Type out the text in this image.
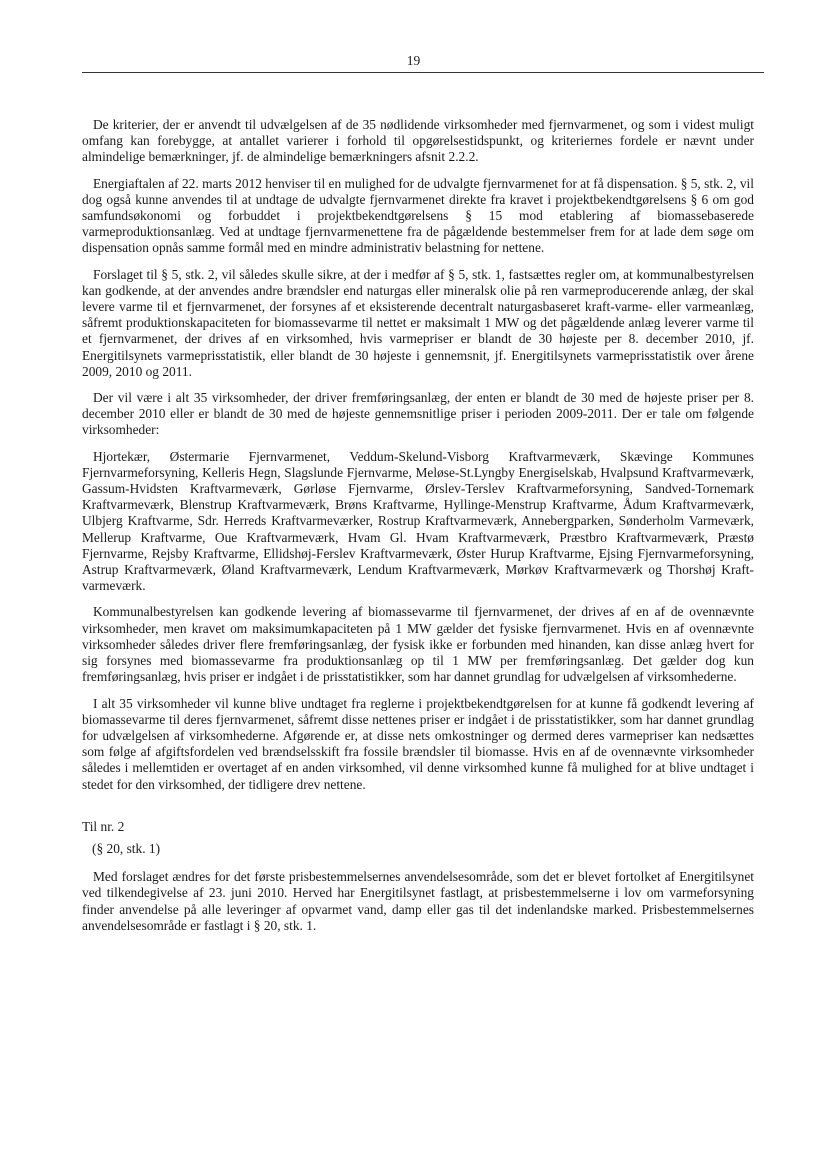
19

De kriterier, der er anvendt til udvælgelsen af de 35 nødlidende virksomheder med fjernvarmenet, og som i videst muligt omfang kan forebygge, at antallet varierer i forhold til opgørelsestidspunkt, og kriteriernes fordele er nævnt under almindelige bemærkninger, jf. de almindelige bemærkningers afsnit 2.2.2.

Energiaftalen af 22. marts 2012 henviser til en mulighed for de udvalgte fjernvarmenet for at få dispensation. § 5, stk. 2, vil dog også kunne anvendes til at undtage de udvalgte fjernvarmenet direkte fra kravet i projektbekendtgørelsens § 6 om god samfundsøkonomi og forbuddet i projektbekendtgørelsens § 15 mod etablering af biomassebaserede varmeproduktionsanlæg. Ved at undtage fjernvarmenettene fra de pågældende bestemmelser frem for at lade dem søge om dispensation opnås samme formål med en mindre administrativ belastning for nettene.

Forslaget til § 5, stk. 2, vil således skulle sikre, at der i medfør af § 5, stk. 1, fastsættes regler om, at kommunalbestyrelsen kan godkende, at der anvendes andre brændsler end naturgas eller mineralsk olie på ren varmeproducerende anlæg, der skal levere varme til et fjernvarmenet, der forsynes af et eksisterende decentralt naturgasbaseret kraft-varme- eller varmeanlæg, såfremt produktionskapaciteten for biomassevarme til nettet er maksimalt 1 MW og det pågældende anlæg leverer varme til et fjernvarmenet, der drives af en virksomhed, hvis varmepriser er blandt de 30 højeste per 8. december 2010, jf. Energitilsynets varmeprisstatistik, eller blandt de 30 højeste i gennemsnit, jf. Energitilsynets varmeprisstatistik over årene 2009, 2010 og 2011.

Der vil være i alt 35 virksomheder, der driver fremføringsanlæg, der enten er blandt de 30 med de højeste priser per 8. december 2010 eller er blandt de 30 med de højeste gennemsnitlige priser i perioden 2009-2011. Der er tale om følgende virksomheder:

Hjortekær, Østermarie Fjernvarmenet, Veddum-Skelund-Visborg Kraftvarmeværk, Skævinge Kommunes Fjernvarmeforsyning, Kelleris Hegn, Slagslunde Fjernvarme, Meløse-St.Lyngby Energiselskab, Hvalpsund Kraftvarmeværk, Gassum-Hvidsten Kraftvarmeværk, Gørløse Fjernvarme, Ørslev-Terslev Kraftvarmeforsyning, Sandved-Tornemark Kraftvarmeværk, Blenstrup Kraftvarmeværk, Brøns Kraftvarme, Hyllinge-Menstrup Kraftvarme, Ådum Kraftvarmeværk, Ulbjerg Kraftvarme, Sdr. Herreds Kraftvarmeværker, Rostrup Kraftvarmeværk, Annebergparken, Sønderholm Varmeværk, Mellerup Kraftvarme, Oue Kraftvarmeværk, Hvam Gl. Hvam Kraftvarmeværk, Præstbro Kraftvarmeværk, Præstø Fjernvarme, Rejsby Kraftvarme, Ellidshøj-Ferslev Kraftvarmeværk, Øster Hurup Kraftvarme, Ejsing Fjernvarmeforsyning, Astrup Kraftvarmeværk, Øland Kraftvarmeværk, Lendum Kraftvarmeværk, Mørkøv Kraftvarmeværk og Thorshøj Kraftvarmeværk.

Kommunalbestyrelsen kan godkende levering af biomassevarme til fjernvarmenet, der drives af en af de ovennævnte virksomheder, men kravet om maksimumkapaciteten på 1 MW gælder det fysiske fjernvarmenet. Hvis en af ovennævnte virksomheder således driver flere fremføringsanlæg, der fysisk ikke er forbunden med hinanden, kan disse anlæg hvert for sig forsynes med biomassevarme fra produktionsanlæg op til 1 MW per fremføringsanlæg. Det gælder dog kun fremføringsanlæg, hvis priser er indgået i de prisstatistikker, som har dannet grundlag for udvælgelsen af virksomhederne.

I alt 35 virksomheder vil kunne blive undtaget fra reglerne i projektbekendtgørelsen for at kunne få godkendt levering af biomassevarme til deres fjernvarmenet, såfremt disse nettenes priser er indgået i de prisstatistikker, som har dannet grundlag for udvælgelsen af virksomhederne. Afgørende er, at disse nets omkostninger og dermed deres varmepriser kan nedsættes som følge af afgiftsfordelen ved brændselsskift fra fossile brændsler til biomasse. Hvis en af de ovennævnte virksomheder således i mellemtiden er overtaget af en anden virksomhed, vil denne virksomhed kunne få mulighed for at blive undtaget i stedet for den virksomhed, der tidligere drev nettene.

Til nr. 2
(§ 20, stk. 1)

Med forslaget ændres for det første prisbestemmelsernes anvendelsesområde, som det er blevet fortolket af Energitilsynet ved tilkendegivelse af 23. juni 2010. Herved har Energitilsynet fastlagt, at prisbestemmelserne i lov om varmeforsyning finder anvendelse på alle leveringer af opvarmet vand, damp eller gas til det indenlandske marked. Prisbestemmelsernes anvendelsesområde er fastlagt i § 20, stk. 1.
